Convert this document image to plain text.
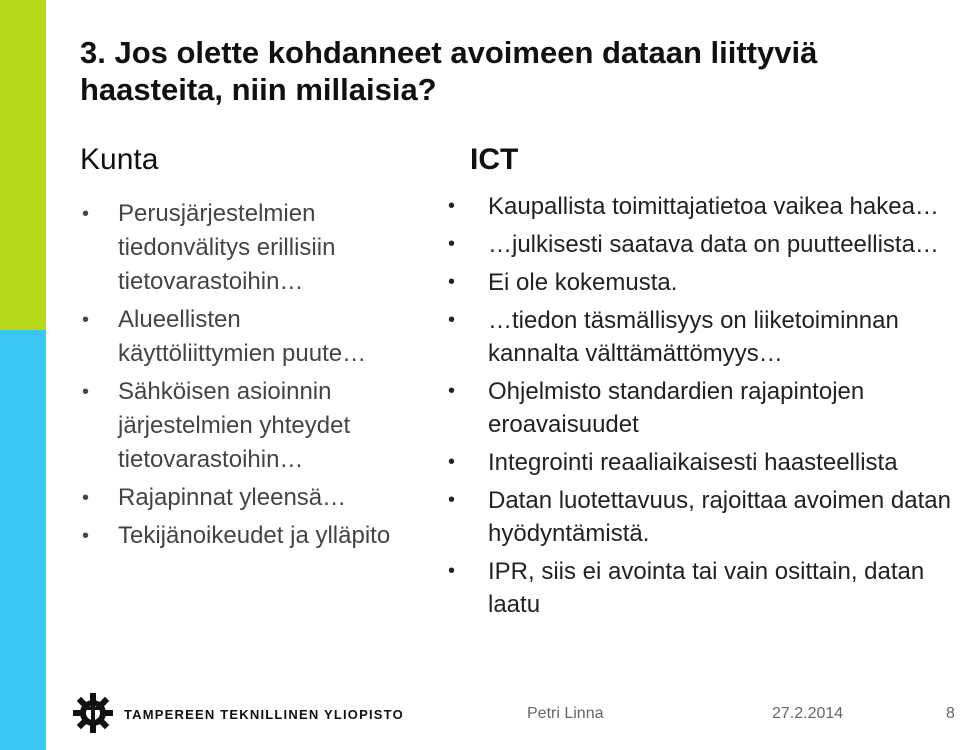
3. Jos olette kohdanneet avoimeen dataan liittyviä haasteita, niin millaisia?
Kunta	ICT
• Perusjärjestelmien tiedonvälitys erillisiin tietovarastoihin…
• Alueellisten käyttöliittymien puute…
• Sähköisen asioinnin järjestelmien yhteydet tietovarastoihin…
• Rajapinnat yleensä…
• Tekijänoikeudet ja ylläpito
• Kaupallista toimittajatietoa vaikea hakea…
• …julkisesti saatava data on puutteellista…
• Ei ole kokemusta.
• …tiedon täsmällisyys on liiketoiminnan kannalta välttämättömyys…
• Ohjelmisto standardien rajapintojen eroavaisuudet
• Integrointi reaaliaikaisesti haasteellista
• Datan luotettavuus, rajoittaa avoimen datan hyödyntämistä.
• IPR, siis ei avointa tai vain osittain, datan laatu
TAMPEREEN TEKNILLINEN YLIOPISTO	Petri Linna	27.2.2014	8
